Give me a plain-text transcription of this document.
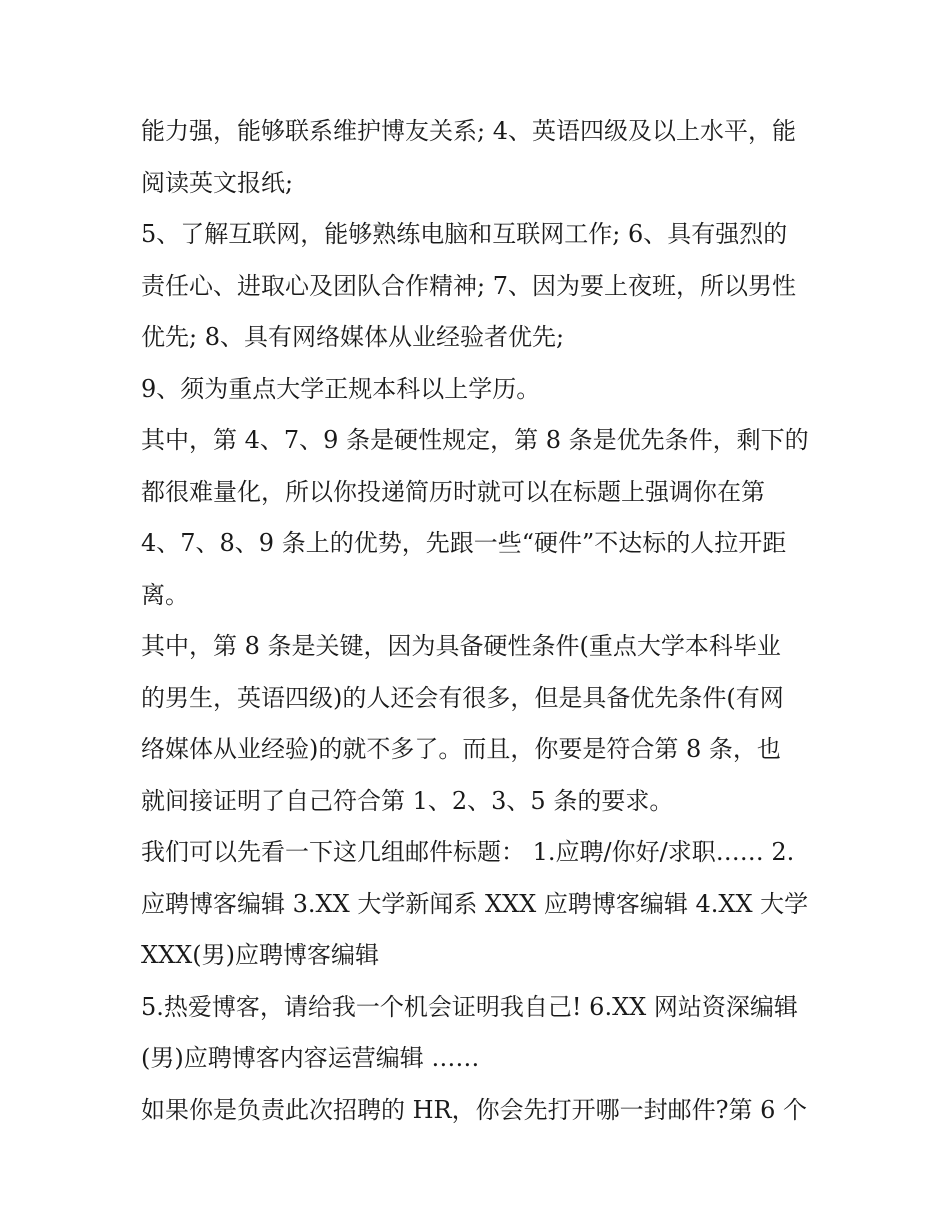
能力强，能够联系维护博友关系; 4、英语四级及以上水平，能
阅读英文报纸;
5、了解互联网，能够熟练电脑和互联网工作; 6、具有强烈的
责任心、进取心及团队合作精神; 7、因为要上夜班，所以男性
优先; 8、具有网络媒体从业经验者优先;
9、须为重点大学正规本科以上学历。
其中，第 4、7、9 条是硬性规定，第 8 条是优先条件，剩下的
都很难量化，所以你投递简历时就可以在标题上强调你在第
4、7、8、9 条上的优势，先跟一些“硬件”不达标的人拉开距
离。
其中，第 8 条是关键，因为具备硬性条件(重点大学本科毕业
的男生，英语四级)的人还会有很多，但是具备优先条件(有网
络媒体从业经验)的就不多了。而且，你要是符合第 8 条，也
就间接证明了自己符合第 1、2、3、5 条的要求。
我们可以先看一下这几组邮件标题： 1.应聘/你好/求职…… 2.
应聘博客编辑 3.XX 大学新闻系 XXX 应聘博客编辑 4.XX 大学
XXX(男)应聘博客编辑
5.热爱博客，请给我一个机会证明我自己! 6.XX 网站资深编辑
(男)应聘博客内容运营编辑 ……
如果你是负责此次招聘的 HR，你会先打开哪一封邮件?第 6 个
